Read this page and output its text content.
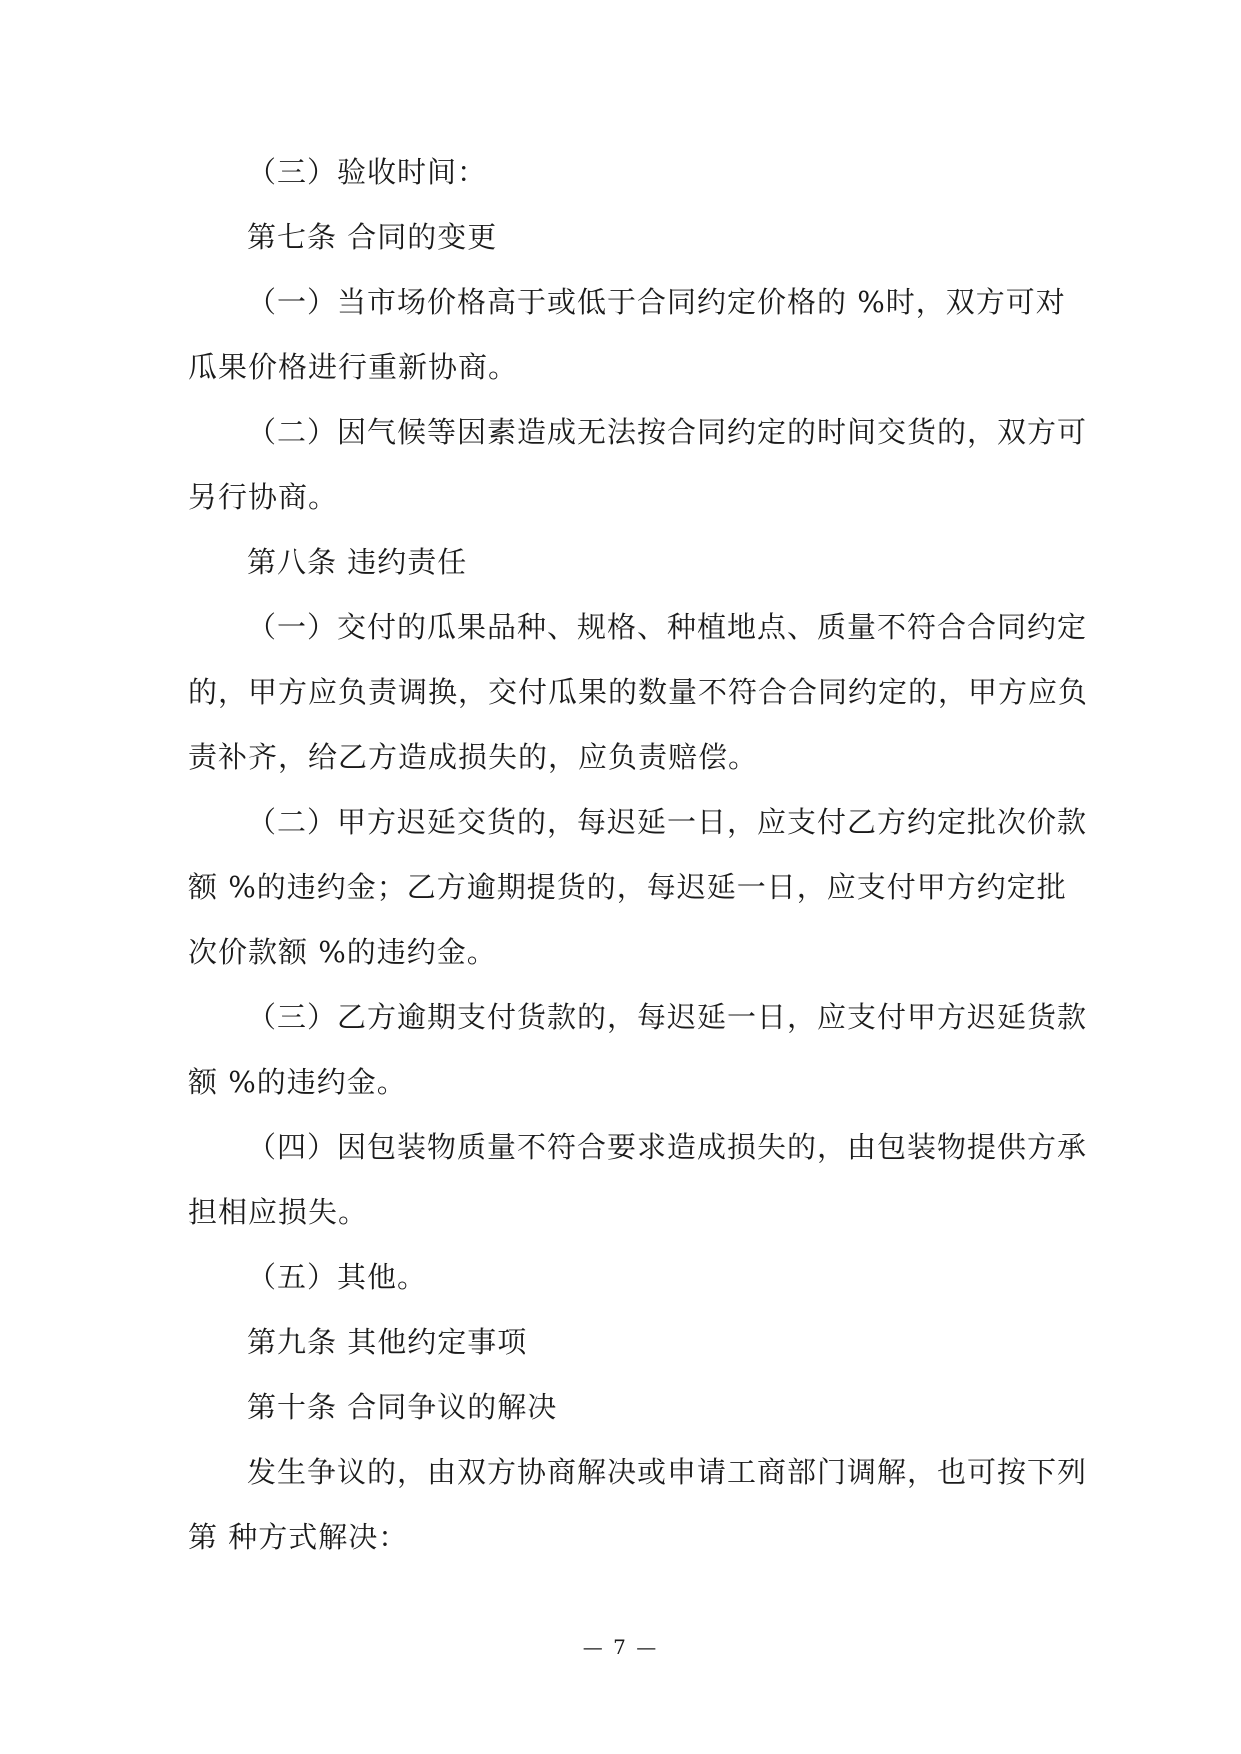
（三）验收时间：
第七条 合同的变更
（一）当市场价格高于或低于合同约定价格的 %时，双方可对
瓜果价格进行重新协商。
（二）因气候等因素造成无法按合同约定的时间交货的，双方可
另行协商。
第八条 违约责任
（一）交付的瓜果品种、规格、种植地点、质量不符合合同约定
的，甲方应负责调换，交付瓜果的数量不符合合同约定的，甲方应负
责补齐，给乙方造成损失的，应负责赔偿。
（二）甲方迟延交货的，每迟延一日，应支付乙方约定批次价款
额 %的违约金；乙方逾期提货的，每迟延一日，应支付甲方约定批
次价款额 %的违约金。
（三）乙方逾期支付货款的，每迟延一日，应支付甲方迟延货款
额 %的违约金。
（四）因包装物质量不符合要求造成损失的，由包装物提供方承
担相应损失。
（五）其他。
第九条 其他约定事项
第十条 合同争议的解决
发生争议的，由双方协商解决或申请工商部门调解，也可按下列
第 种方式解决：
— 7 —
